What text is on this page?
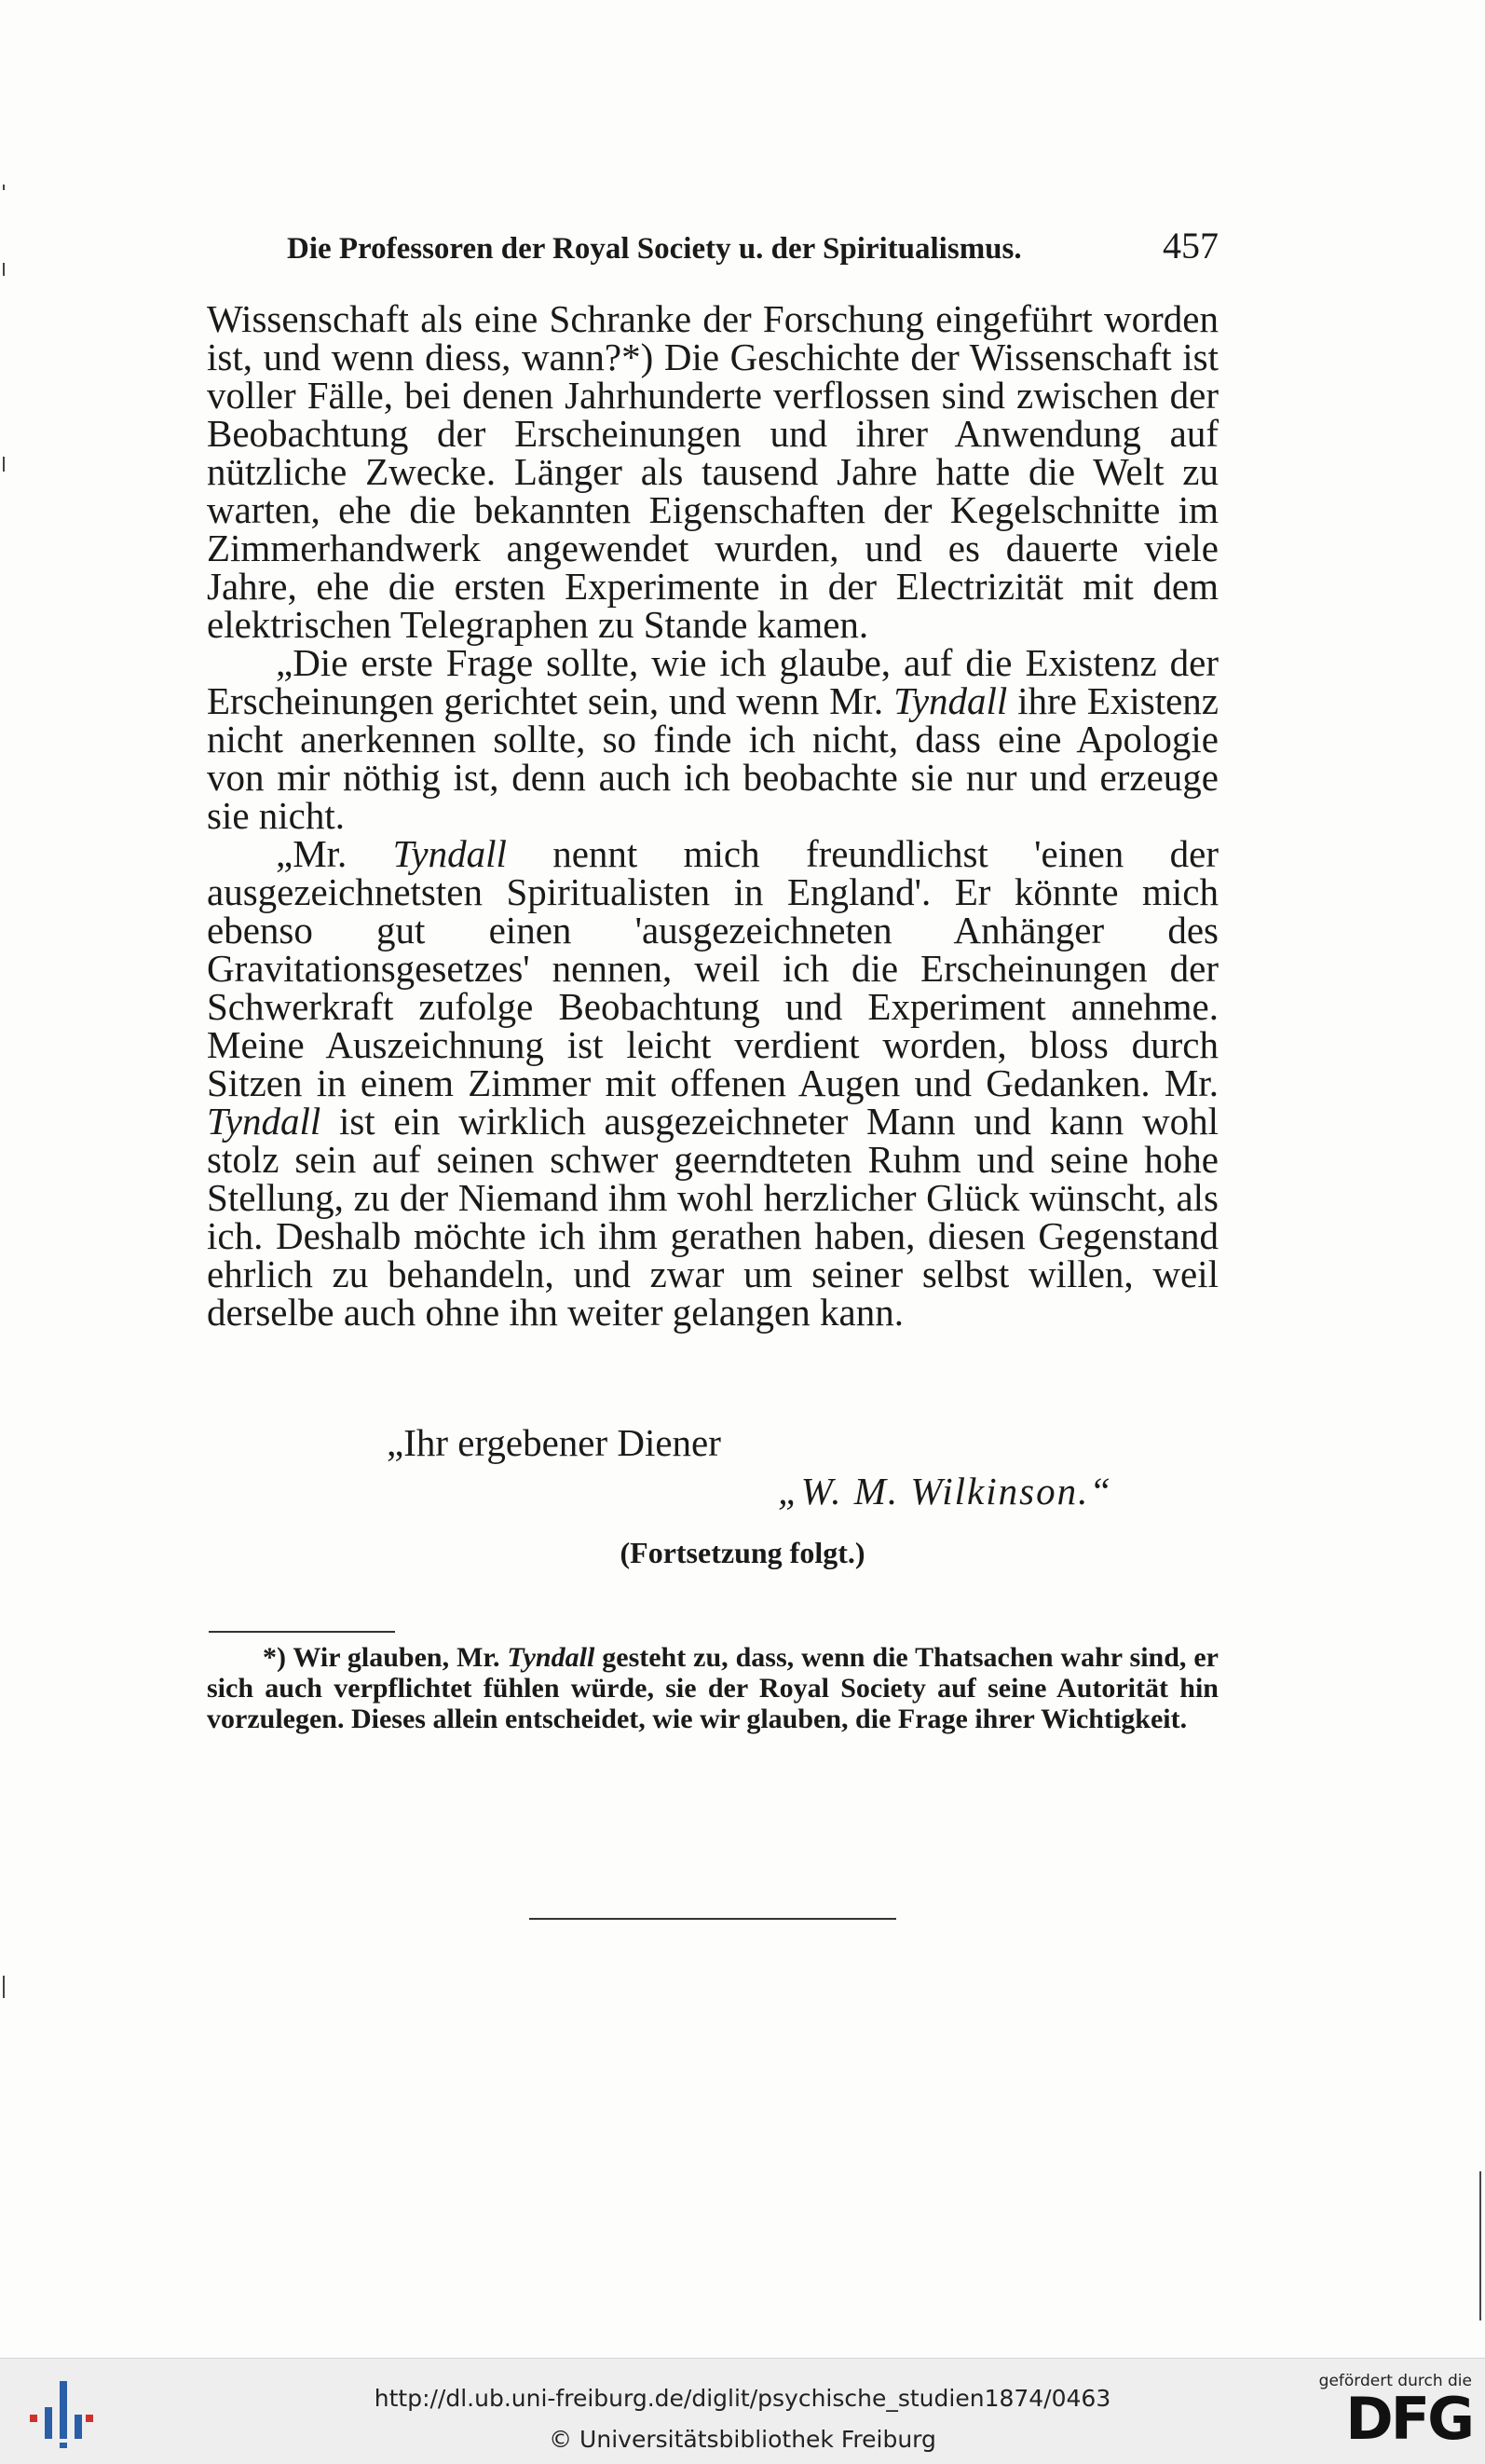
Die Professoren der Royal Society u. der Spiritualismus.	457

Wissenschaft als eine Schranke der Forschung eingeführt worden ist, und wenn diess, wann?*) Die Geschichte der Wissenschaft ist voller Fälle, bei denen Jahrhunderte verflossen sind zwischen der Beobachtung der Erscheinungen und ihrer Anwendung auf nützliche Zwecke. Länger als tausend Jahre hatte die Welt zu warten, ehe die bekannten Eigenschaften der Kegelschnitte im Zimmerhandwerk angewendet wurden, und es dauerte viele Jahre, ehe die ersten Experimente in der Electrizität mit dem elektrischen Telegraphen zu Stande kamen.

„Die erste Frage sollte, wie ich glaube, auf die Existenz der Erscheinungen gerichtet sein, und wenn Mr. Tyndall ihre Existenz nicht anerkennen sollte, so finde ich nicht, dass eine Apologie von mir nöthig ist, denn auch ich beobachte sie nur und erzeuge sie nicht.

„Mr. Tyndall nennt mich freundlichst 'einen der ausgezeichnetsten Spiritualisten in England'. Er könnte mich ebenso gut einen 'ausgezeichneten Anhänger des Gravitationsgesetzes' nennen, weil ich die Erscheinungen der Schwerkraft zufolge Beobachtung und Experiment annehme. Meine Auszeichnung ist leicht verdient worden, bloss durch Sitzen in einem Zimmer mit offenen Augen und Gedanken. Mr. Tyndall ist ein wirklich ausgezeichneter Mann und kann wohl stolz sein auf seinen schwer geerndteten Ruhm und seine hohe Stellung, zu der Niemand ihm wohl herzlicher Glück wünscht, als ich. Deshalb möchte ich ihm gerathen haben, diesen Gegenstand ehrlich zu behandeln, und zwar um seiner selbst willen, weil derselbe auch ohne ihn weiter gelangen kann.

„Ihr ergebener Diener
„W. M. Wilkinson.“
(Fortsetzung folgt.)

*) Wir glauben, Mr. Tyndall gesteht zu, dass, wenn die Thatsachen wahr sind, er sich auch verpflichtet fühlen würde, sie der Royal Society auf seine Autorität hin vorzulegen. Dieses allein entscheidet, wie wir glauben, die Frage ihrer Wichtigkeit.

http://dl.ub.uni-freiburg.de/diglit/psychische_studien1874/0463
© Universitätsbibliothek Freiburg
gefördert durch die
DFG
